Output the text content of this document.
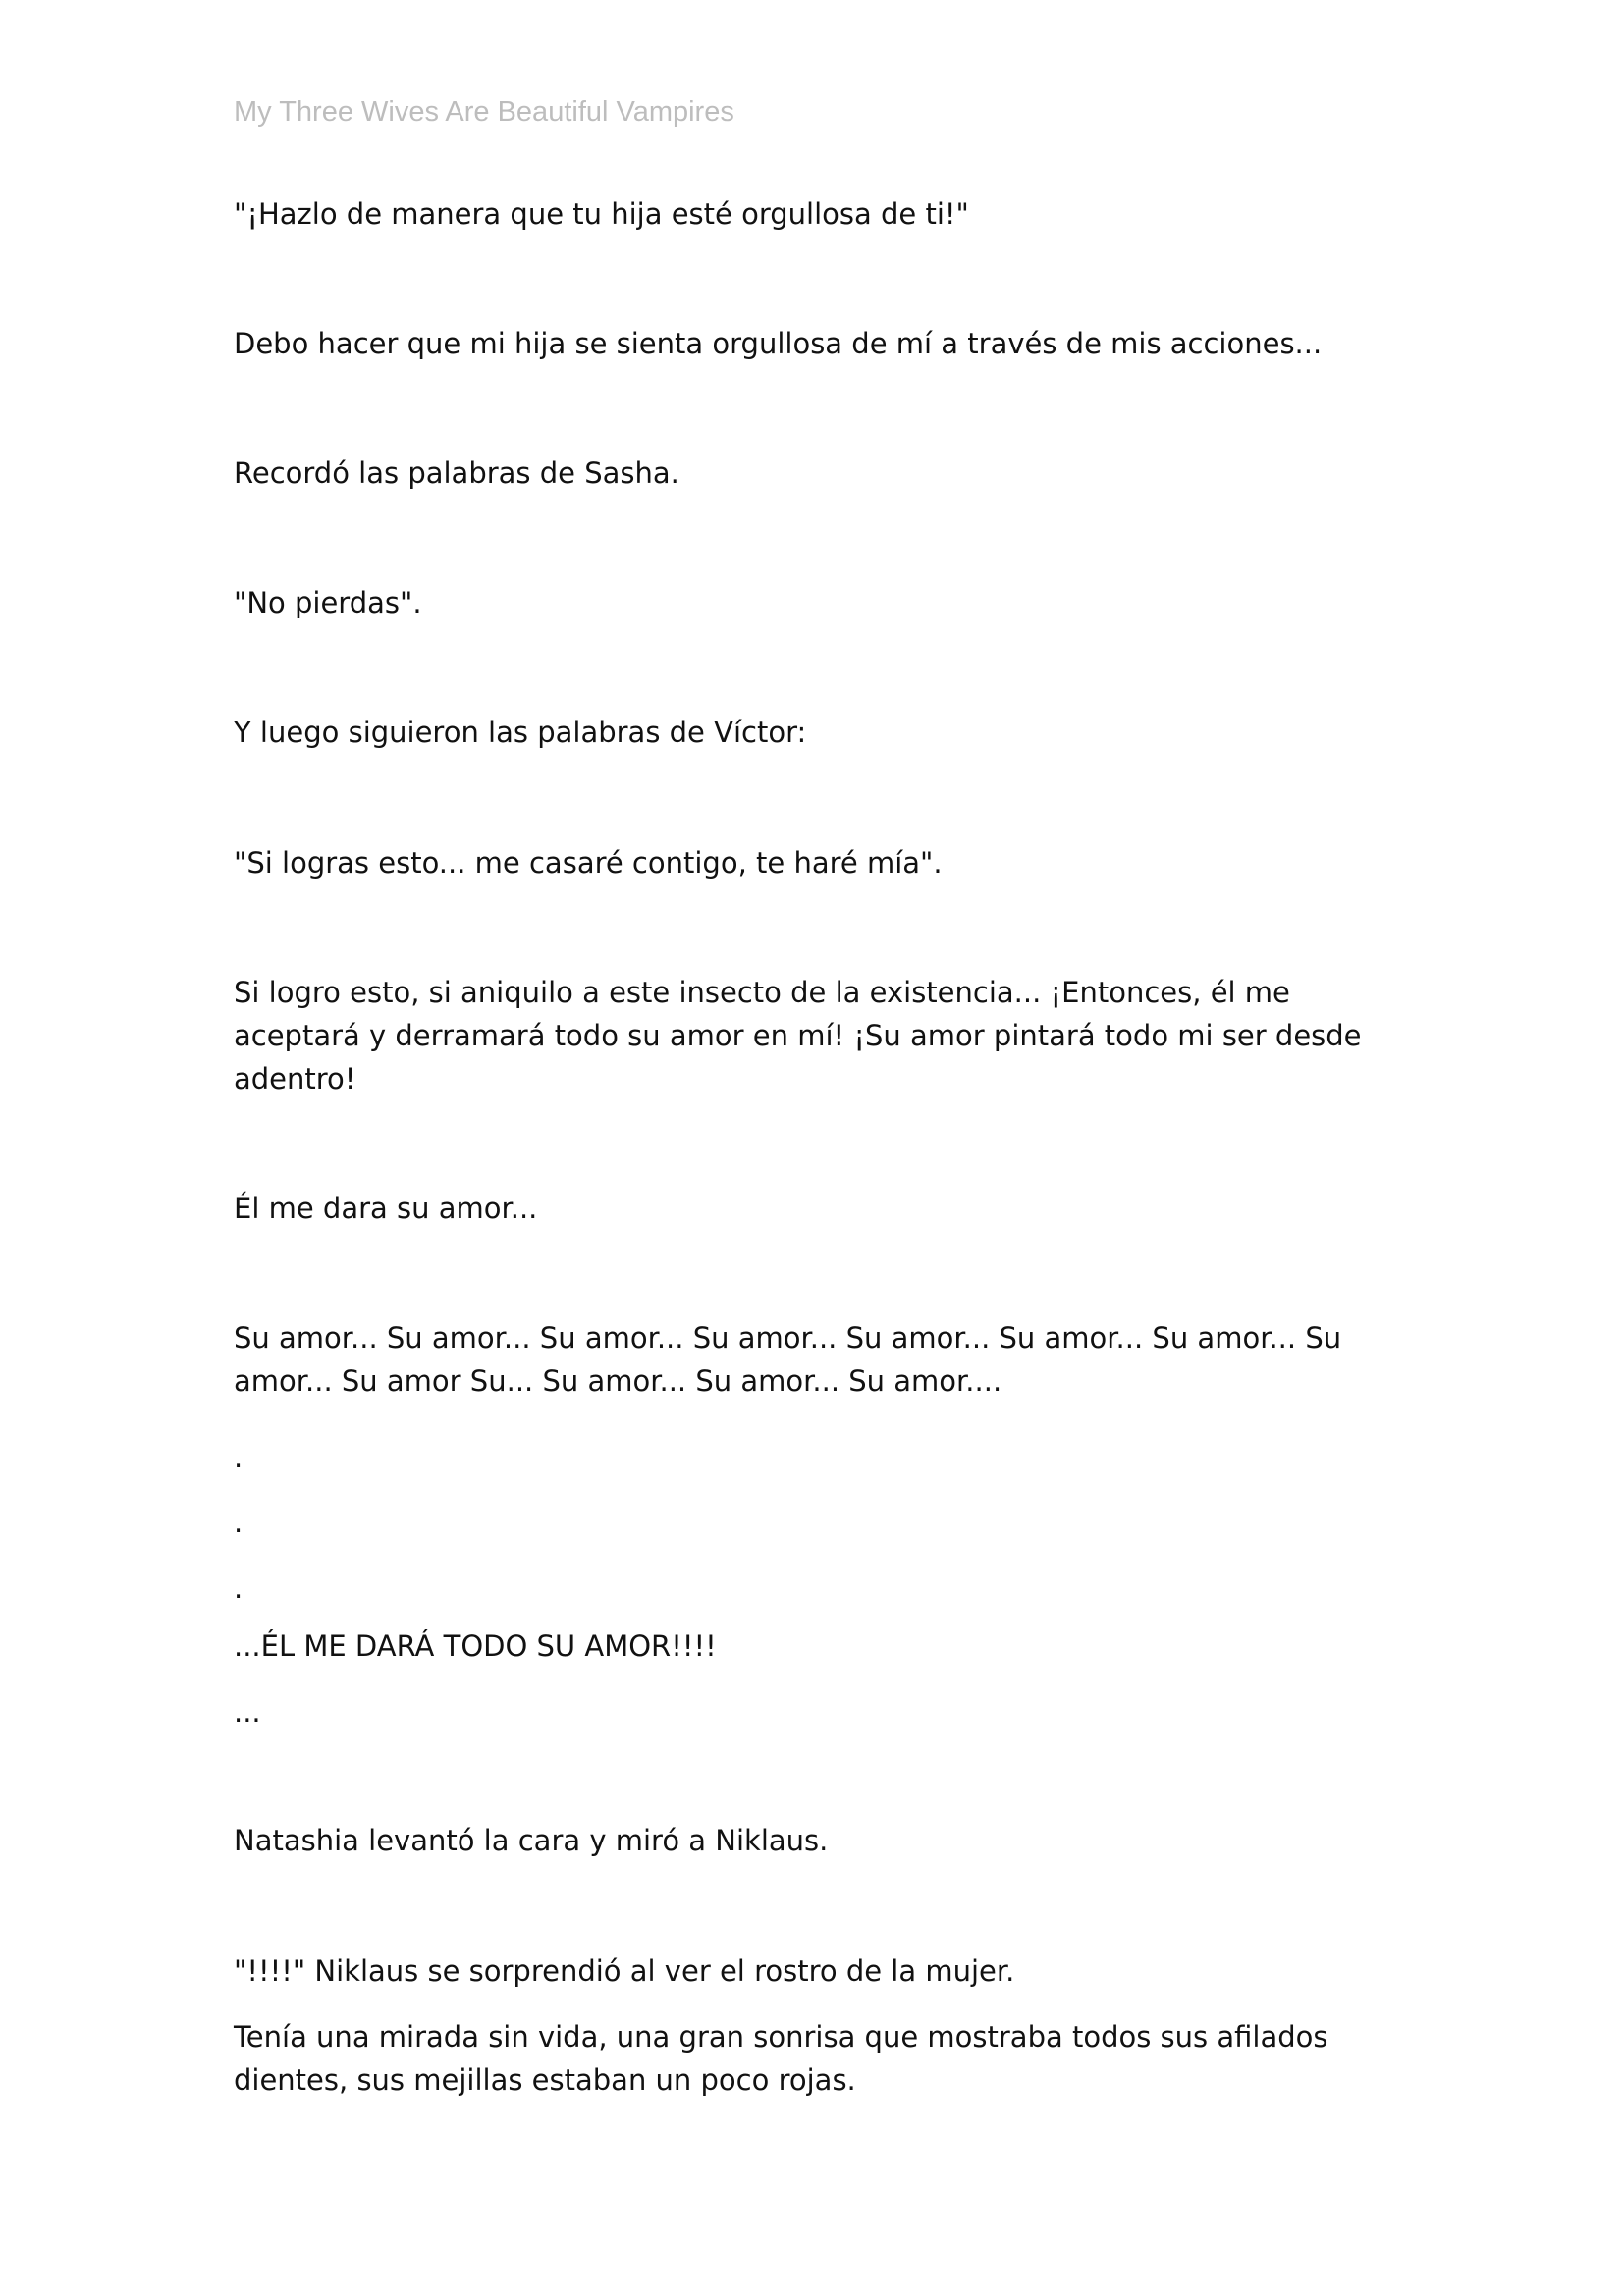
My Three Wives Are Beautiful Vampires

"¡Hazlo de manera que tu hija esté orgullosa de ti!"

Debo hacer que mi hija se sienta orgullosa de mí a través de mis acciones...

Recordó las palabras de Sasha.

"No pierdas".

Y luego siguieron las palabras de Víctor:

"Si logras esto... me casaré contigo, te haré mía".

Si logro esto, si aniquilo a este insecto de la existencia... ¡Entonces, él me aceptará y derramará todo su amor en mí! ¡Su amor pintará todo mi ser desde adentro!

Él me dara su amor...

Su amor... Su amor... Su amor... Su amor... Su amor... Su amor... Su amor... Su amor... Su amor Su... Su amor... Su amor... Su amor....

.

.

.

...ÉL ME DARÁ TODO SU AMOR!!!!

...

Natashia levantó la cara y miró a Niklaus.

"!!!!" Niklaus se sorprendió al ver el rostro de la mujer.

Tenía una mirada sin vida, una gran sonrisa que mostraba todos sus afilados dientes, sus mejillas estaban un poco rojas.
